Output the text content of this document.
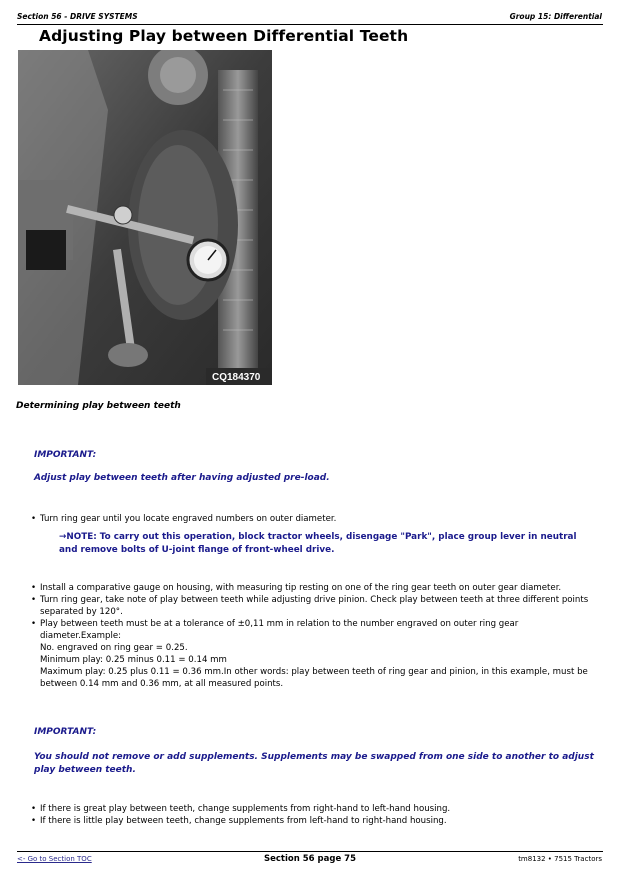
Section 56 - DRIVE SYSTEMS	Group 15: Differential
Adjusting Play between Differential Teeth
CQ184370
Determining play between teeth
IMPORTANT:
Adjust play between teeth after having adjusted pre-load.
• Turn ring gear until you locate engraved numbers on outer diameter.
→NOTE: To carry out this operation, block tractor wheels, disengage "Park", place group lever in neutral and remove bolts of U-joint flange of front-wheel drive.
• Install a comparative gauge on housing, with measuring tip resting on one of the ring gear teeth on outer gear diameter.
• Turn ring gear, take note of play between teeth while adjusting drive pinion. Check play between teeth at three different points separated by 120°.
• Play between teeth must be at a tolerance of ±0,11 mm in relation to the number engraved on outer ring gear diameter.Example:
No. engraved on ring gear = 0.25.
Minimum play: 0.25 minus 0.11 = 0.14 mm
Maximum play: 0.25 plus 0.11 = 0.36 mm.In other words: play between teeth of ring gear and pinion, in this example, must be between 0.14 mm and 0.36 mm, at all measured points.
IMPORTANT:
You should not remove or add supplements. Supplements may be swapped from one side to another to adjust play between teeth.
• If there is great play between teeth, change supplements from right-hand to left-hand housing.
• If there is little play between teeth, change supplements from left-hand to right-hand housing.
<- Go to Section TOC	Section 56 page 75	tm8132 • 7515 Tractors
